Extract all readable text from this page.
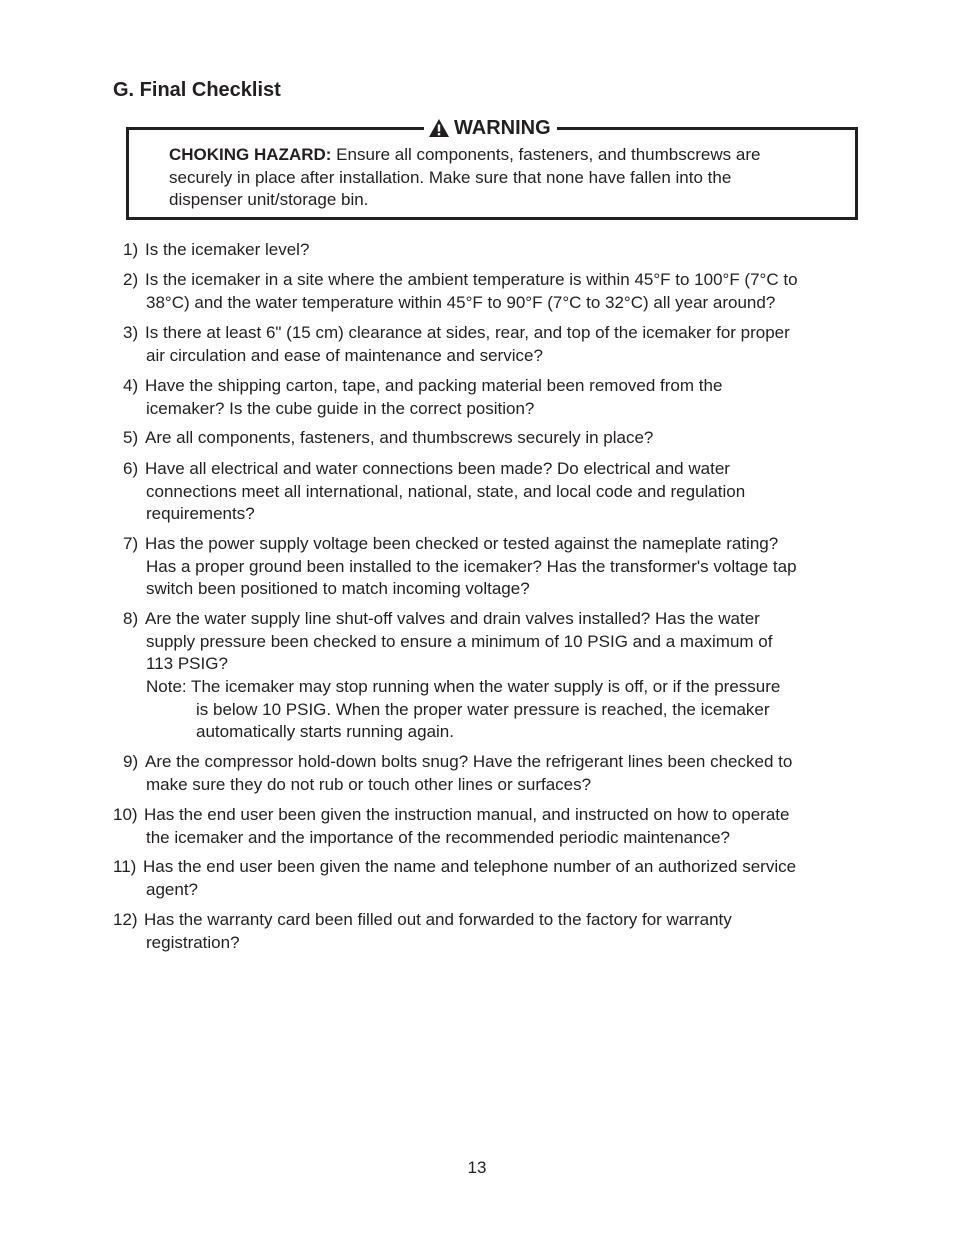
G. Final Checklist
WARNING
CHOKING HAZARD: Ensure all components, fasteners, and thumbscrews are
securely in place after installation. Make sure that none have fallen into the
dispenser unit/storage bin.
1) Is the icemaker level?
2) Is the icemaker in a site where the ambient temperature is within 45°F to 100°F (7°C to
38°C) and the water temperature within 45°F to 90°F (7°C to 32°C) all year around?
3) Is there at least 6" (15 cm) clearance at sides, rear, and top of the icemaker for proper
air circulation and ease of maintenance and service?
4) Have the shipping carton, tape, and packing material been removed from the
icemaker? Is the cube guide in the correct position?
5) Are all components, fasteners, and thumbscrews securely in place?
6) Have all electrical and water connections been made? Do electrical and water
connections meet all international, national, state, and local code and regulation
requirements?
7) Has the power supply voltage been checked or tested against the nameplate rating?
Has a proper ground been installed to the icemaker? Has the transformer's voltage tap
switch been positioned to match incoming voltage?
8) Are the water supply line shut-off valves and drain valves installed? Has the water
supply pressure been checked to ensure a minimum of 10 PSIG and a maximum of
113 PSIG?
Note: The icemaker may stop running when the water supply is off, or if the pressure
is below 10 PSIG. When the proper water pressure is reached, the icemaker
automatically starts running again.
9) Are the compressor hold-down bolts snug? Have the refrigerant lines been checked to
make sure they do not rub or touch other lines or surfaces?
10) Has the end user been given the instruction manual, and instructed on how to operate
the icemaker and the importance of the recommended periodic maintenance?
11) Has the end user been given the name and telephone number of an authorized service
agent?
12) Has the warranty card been filled out and forwarded to the factory for warranty
registration?
13
